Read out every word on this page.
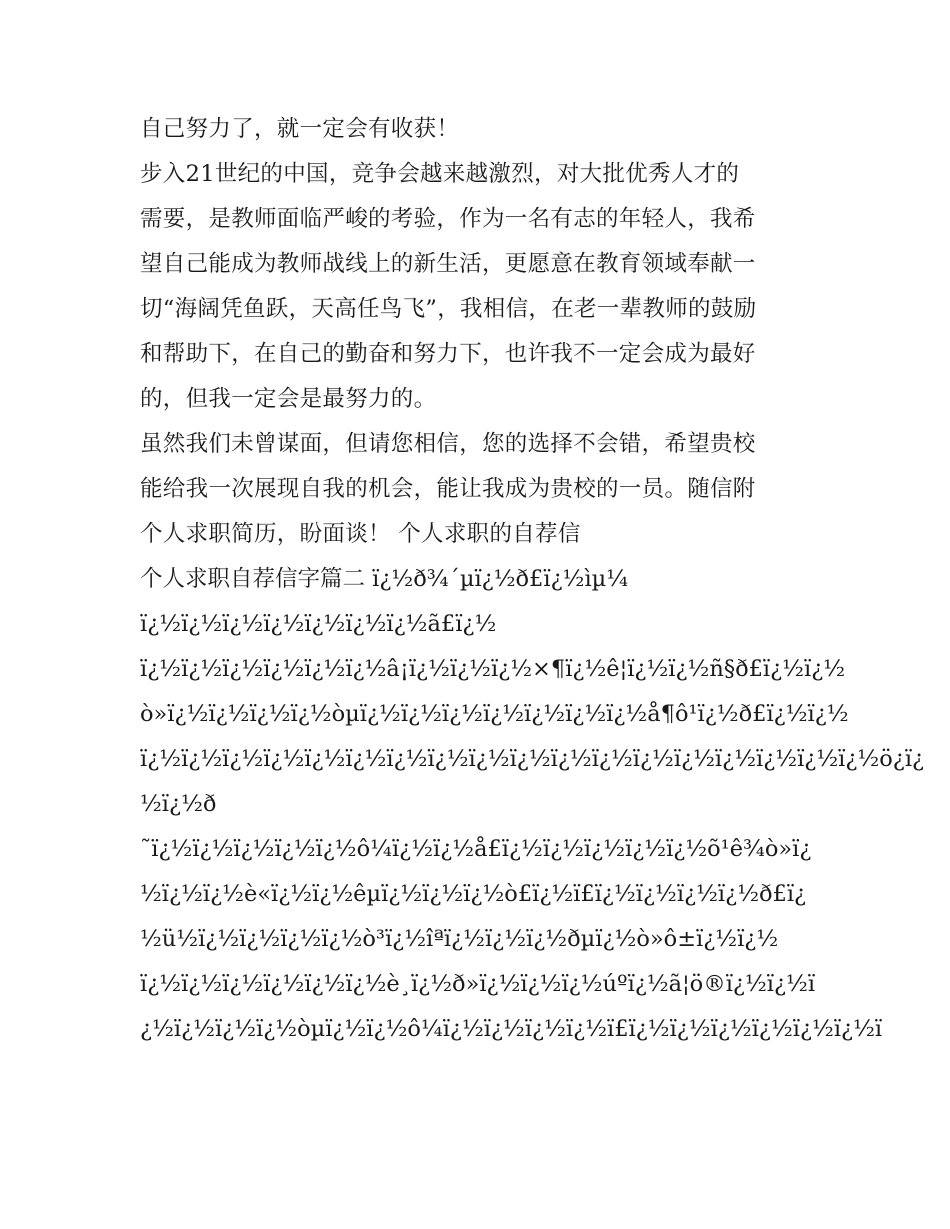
自己努力了，就一定会有收获！

步入21世纪的中国，竞争会越来越激烈，对大批优秀人才的
需要，是教师面临严峻的考验，作为一名有志的年轻人，我希
望自己能成为教师战线上的新生活，更愿意在教育领域奉献一
切“海阔凭鱼跃，天高任鸟飞”，我相信，在老一辈教师的鼓励
和帮助下，在自己的勤奋和努力下，也许我不一定会成为最好
的，但我一定会是最努力的。

虽然我们未曾谋面，但请您相信，您的选择不会错，希望贵校
能给我一次展现自我的机会，能让我成为贵校的一员。随信附
个人求职简历，盼面谈！ 个人求职的自荐信

个人求职自荐信字篇二 ï¿½ð¾´µï¿½ð£ï¿½ìµ¼
ï¿½ï¿½ï¿½ï¿½ï¿½ï¿½ï¿½ã£ï¿½
ï¿½ï¿½ï¿½ï¿½ï¿½ï¿½â¡ï¿½ï¿½ï¿½×¶ï¿½ê¦ï¿½ï¿½ñ§ð£ï¿½ï¿½
ò»ï¿½ï¿½ï¿½ï¿½òµï¿½ï¿½ï¿½ï¿½ï¿½ï¿½ï¿½å¶ô¹ï¿½ð£ï¿½ï¿½
ï¿½ï¿½ï¿½ï¿½ï¿½ï¿½ï¿½ï¿½ï¿½ï¿½ï¿½ï¿½ï¿½ï¿½ï¿½ï¿½ï¿½ï¿½ö¿ï¿
½ï¿½ð

˜ï¿½ï¿½ï¿½ï¿½ï¿½ô¼ï¿½ï¿½å£ï¿½ï¿½ï¿½ï¿½ï¿½õ¹ê¾ò»ï¿
½ï¿½ï¿½è«ï¿½ï¿½êµï¿½ï¿½ï¿½ò£ï¿½ï£ï¿½ï¿½ï¿½ï¿½ð£ï¿
½ü½ï¿½ï¿½ï¿½ï¿½ò³ï¿½îªï¿½ï¿½ï¿½ðµï¿½ò»ô±ï¿½ï¿½
ï¿½ï¿½ï¿½ï¿½ï¿½ï¿½è¸ï¿½ð»ï¿½ï¿½ï¿½úºï¿½ã¦ö®ï¿½ï¿½ï
¿½ï¿½ï¿½ï¿½òµï¿½ï¿½ô¼ï¿½ï¿½ï¿½ï¿½ï£ï¿½ï¿½ï¿½ï¿½ï¿½ï¿½ï
